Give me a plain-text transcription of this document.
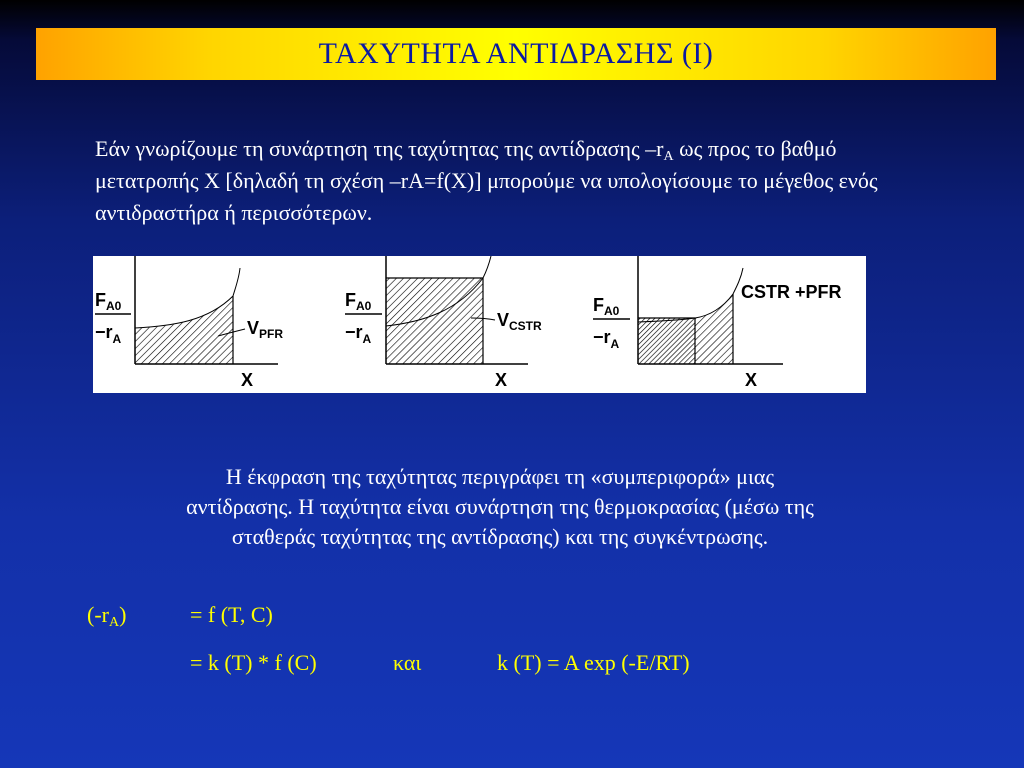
ΤΑΧΥΤΗΤΑ ΑΝΤΙΔΡΑΣΗΣ (Ι)
Εάν γνωρίζουμε τη συνάρτηση της ταχύτητας της αντίδρασης $-r_A$ ως προς το βαθμό μετατροπής X [δηλαδή τη σχέση –rA=f(X)] μπορούμε να υπολογίσουμε το μέγεθος ενός αντιδραστήρα ή περισσότερων.
$F_{A0}$
$-r_A$
$V_{PFR}$
X
$F_{A0}$
$-r_A$
$V_{CSTR}$
X
$F_{A0}$
$-r_A$
CSTR +PFR
X
Η έκφραση της ταχύτητας περιγράφει τη «συμπεριφορά» μιας
αντίδρασης. Η ταχύτητα είναι συνάρτηση της θερμοκρασίας (μέσω της
σταθεράς ταχύτητας της αντίδρασης) και της συγκέντρωσης.
$(-r_A)$	= f (T, C)
= k (T) * f (C)	και	k (T) = A exp (-E/RT)
